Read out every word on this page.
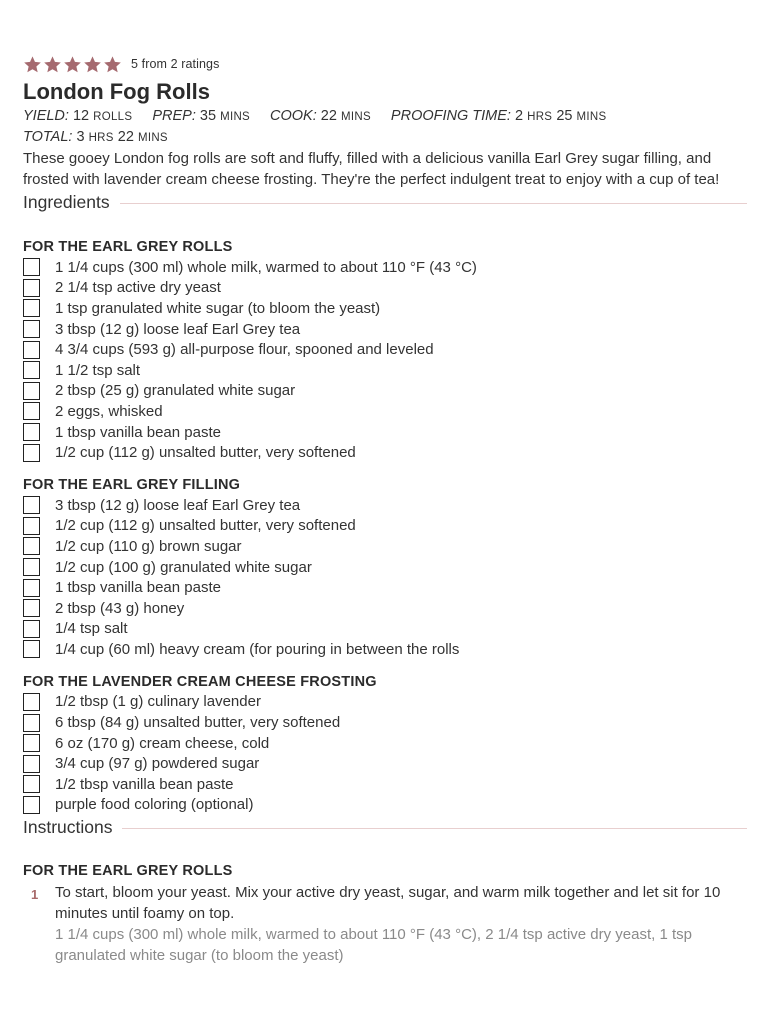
5 from 2 ratings
London Fog Rolls
YIELD: 12 ROLLS PREP: 35 MINS COOK: 22 MINS PROOFING TIME: 2 HRS 25 MINS
TOTAL: 3 HRS 22 MINS

These gooey London fog rolls are soft and fluffy, filled with a delicious vanilla Earl Grey sugar filling, and frosted with lavender cream cheese frosting. They're the perfect indulgent treat to enjoy with a cup of tea!

Ingredients
FOR THE EARL GREY ROLLS
1 1/4 cups (300 ml) whole milk, warmed to about 110 °F (43 °C)
2 1/4 tsp active dry yeast
1 tsp granulated white sugar (to bloom the yeast)
3 tbsp (12 g) loose leaf Earl Grey tea
4 3/4 cups (593 g) all-purpose flour, spooned and leveled
1 1/2 tsp salt
2 tbsp (25 g) granulated white sugar
2 eggs, whisked
1 tbsp vanilla bean paste
1/2 cup (112 g) unsalted butter, very softened
FOR THE EARL GREY FILLING
3 tbsp (12 g) loose leaf Earl Grey tea
1/2 cup (112 g) unsalted butter, very softened
1/2 cup (110 g) brown sugar
1/2 cup (100 g) granulated white sugar
1 tbsp vanilla bean paste
2 tbsp (43 g) honey
1/4 tsp salt
1/4 cup (60 ml) heavy cream (for pouring in between the rolls
FOR THE LAVENDER CREAM CHEESE FROSTING
1/2 tbsp (1 g) culinary lavender
6 tbsp (84 g) unsalted butter, very softened
6 oz (170 g) cream cheese, cold
3/4 cup (97 g) powdered sugar
1/2 tbsp vanilla bean paste
purple food coloring (optional)
Instructions
FOR THE EARL GREY ROLLS
1	To start, bloom your yeast. Mix your active dry yeast, sugar, and warm milk together and let sit for 10 minutes until foamy on top.
1 1/4 cups (300 ml) whole milk, warmed to about 110 °F (43 °C), 2 1/4 tsp active dry yeast, 1 tsp granulated white sugar (to bloom the yeast)
